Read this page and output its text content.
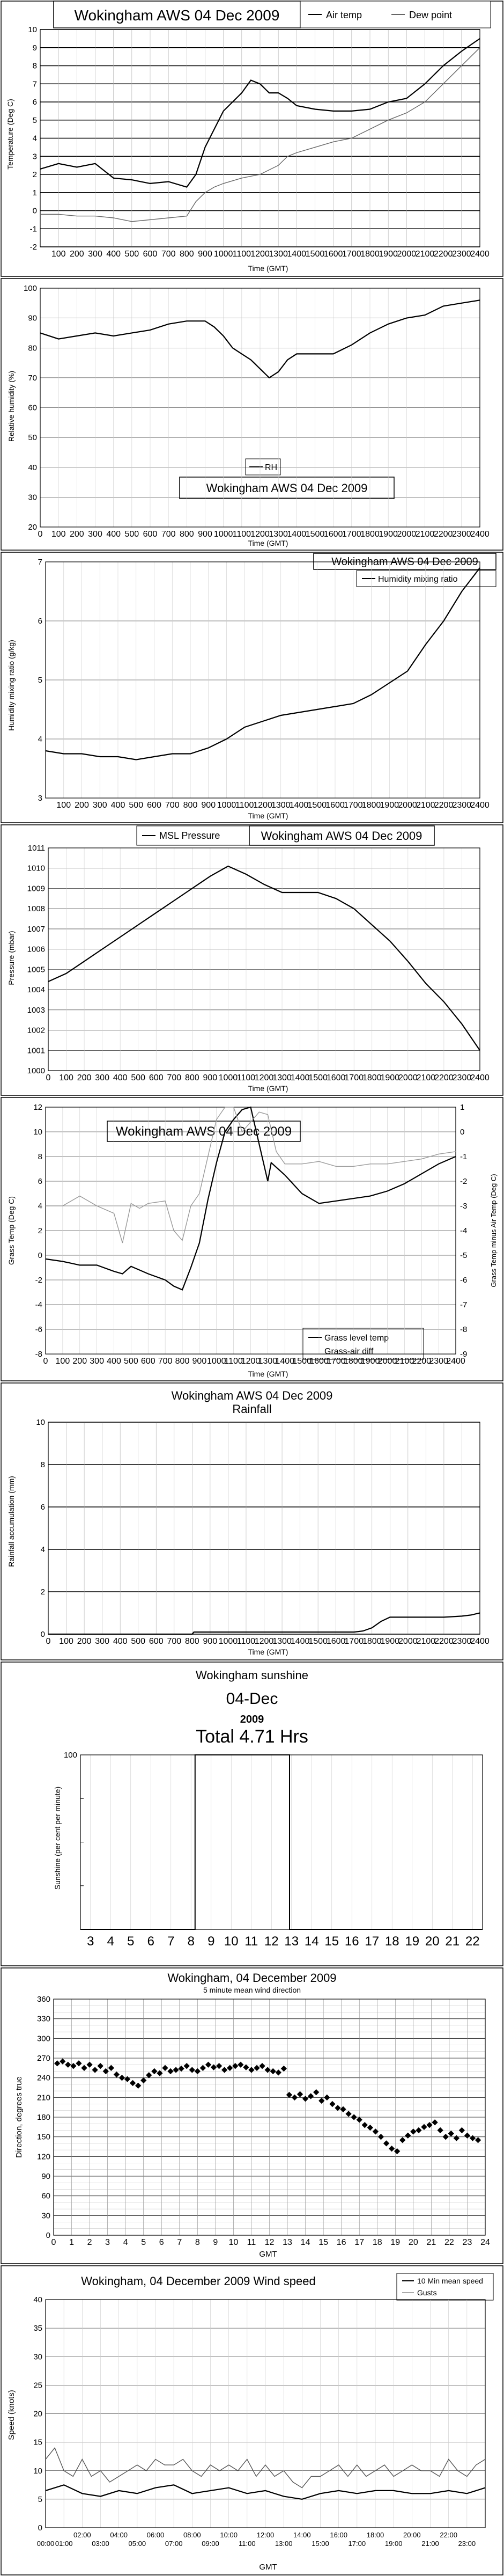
Wokingham AWS 04 Dec 2009	Air temp	Dew point
Temperature (Deg C)
Time (GMT)
-2
-1
0
1
2
3
4
5
6
7
8
9
10
100 200 300 400 500 600 700 800 900 1000 1100 1200
1300
1400
1500
1600
1700
1800
1900
2000
2100
2200
2300
2400
RH
Wokingham AWS 04 Dec 2009
Relative humidity (%)
Time (GMT)
20
30
40
50
60
70
80
90
100
0 100 200 300 400 500 600 700 800 900 1000 1100 1200
1300
1400
1500
1600
1700
1800
1900
2000
2100
2200
2300
2400
Wokingham AWS 04 Dec 2009
Humidity mixing ratio
Humidity mixing ratio (g/kg)
Time (GMT)
3
4
5
6
7
100 200 300 400 500 600 700 800 900 1000
1100
1200
1300
1400
1500
1600
1700
1800
1900
2000
2100
2200
2300
2400
MSL Pressure	Wokingham AWS 04 Dec 2009
Pressure (mbar)
Time (GMT)
1000
1001
1002
1003
1004
1005
1006
1007
1008
1009
1010
1011
0 100 200 300 400 500 600 700 800 900 1000
1100
1200
1300
1400
1500
1600
1700
1800
1900
2000
2100
2200
2300
2400
Wokingham AWS 04 Dec 2009
Grass level temp
Grass-air diff
Grass Temp (Deg C)	Grass Temp minus Air Temp (Deg C)
Time (GMT)
-8
-6
-4
-2
0
2
4
6
8
10
12
0 100 200 300 400 500 600 700 800 900 1000
1100
1200
1300
1400
1500
1600
1700
1800
1900
2000
2100
2200
2300
2400
-9
-8
-7
-6
-5
-4
-3
-2
-1
0
1
Wokingham AWS 04 Dec 2009
Rainfall
Rainfall accumulation (mm)
Time (GMT)
0
2
4
6
8
10
0 100 200 300 400 500 600 700 800 900 1000
1100
1200
1300
1400
1500
1600
1700
1800
1900
2000
2100
2200
2300
2400
Wokingham sunshine
04-Dec
2009
Total 4.71 Hrs
Sunshine (per cent per minute)
100
3 4 5 6 7 8 9 10 11 12 13 14 15 16 17 18 19 20 21 22
Wokingham, 04 December 2009
5 minute mean wind direction
Direction, degrees true
GMT
0
30
60
90
120
150
180
210
240
270
300
330
360
0 1 2 3 4 5 6 7 8 9 10 11 12 13 14 15 16 17 18 19 20 21 22 23 24
Wokingham, 04 December 2009 Wind speed	10 Min mean speed
Gusts
Speed (knots)
GMT
0
5
10
15
20
25
30
35
40
02:00	04:00	06:00	08:00	10:00	12:00	14:00	16:00	18:00	20:00	22:00
00:00 01:00	03:00	05:00	07:00	09:00	11:00	13:00	15:00	17:00	19:00	21:00	23:00
